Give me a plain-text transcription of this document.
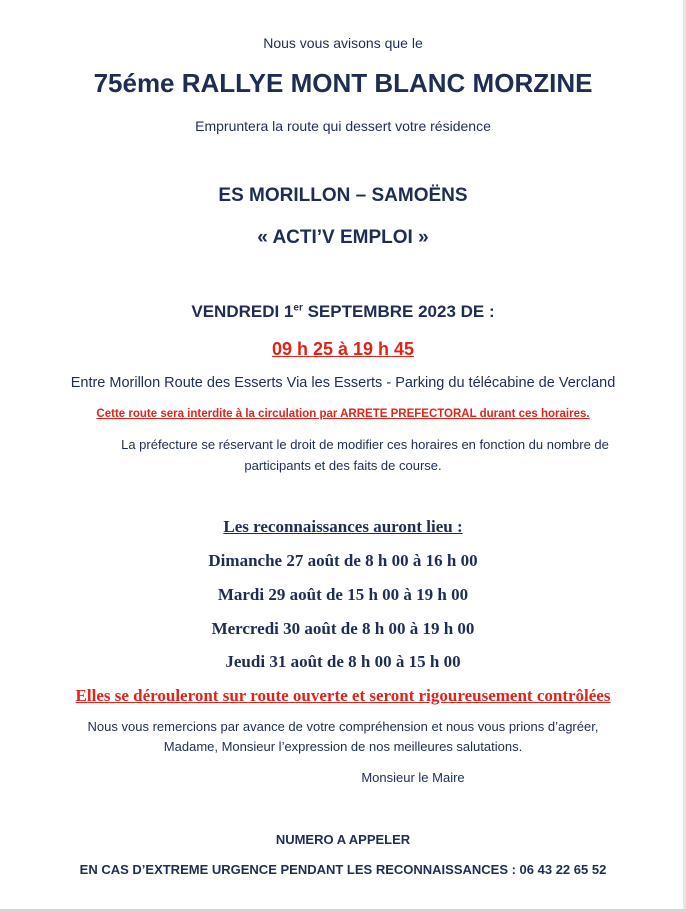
Nous vous avisons que le
75éme RALLYE MONT BLANC MORZINE
Empruntera la route qui dessert votre résidence
ES MORILLON – SAMOËNS
« ACTI’V EMPLOI »
VENDREDI 1er SEPTEMBRE 2023 DE :
09 h 25 à 19 h 45
Entre Morillon Route des Esserts Via les Esserts - Parking du télécabine de Vercland
Cette route sera interdite à la circulation par ARRETE PREFECTORAL durant ces horaires.
La préfecture se réservant le droit de modifier ces horaires en fonction du nombre de
participants et des faits de course.
Les reconnaissances auront lieu :
Dimanche 27 août de 8 h 00 à 16 h 00
Mardi 29 août de 15 h 00 à 19 h 00
Mercredi 30 août de 8 h 00 à 19 h 00
Jeudi 31 août de 8 h 00 à 15 h 00
Elles se dérouleront sur route ouverte et seront rigoureusement contrôlées
Nous vous remercions par avance de votre compréhension et nous vous prions d’agréer,
Madame, Monsieur l’expression de nos meilleures salutations.
Monsieur le Maire
NUMERO A APPELER
EN CAS D’EXTREME URGENCE PENDANT LES RECONNAISSANCES : 06 43 22 65 52
